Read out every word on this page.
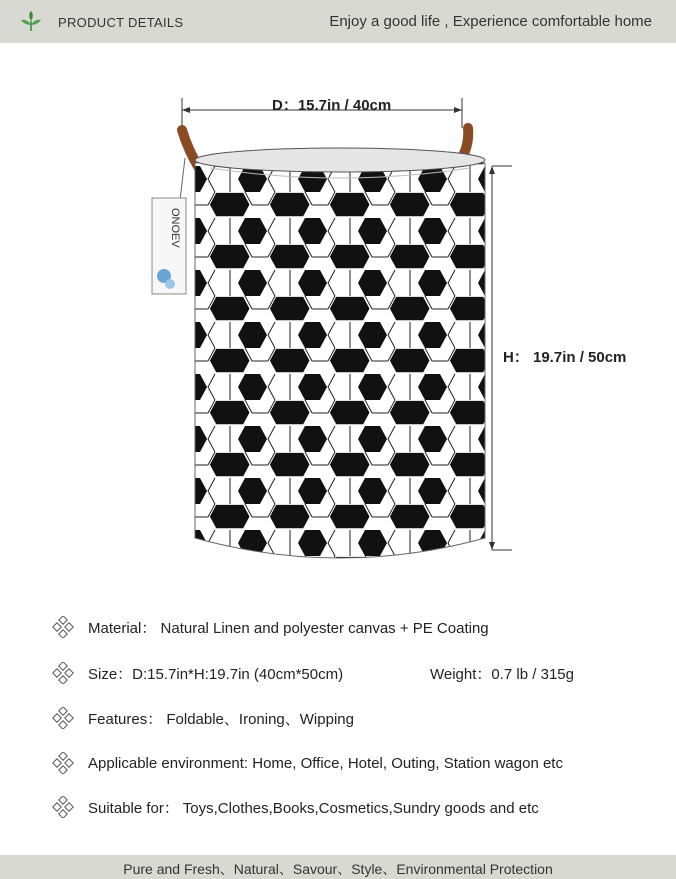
PRODUCT DETAILS	Enjoy a good life , Experience comfortable home
ONOEV
D：15.7in / 40cm
H： 19.7in / 50cm
Material： Natural Linen and polyester canvas + PE Coating
Size：D:15.7in*H:19.7in (40cm*50cm)	Weight：0.7 lb / 315g
Features： Foldable、Ironing、Wipping
Applicable environment: Home, Office, Hotel, Outing, Station wagon etc
Suitable for： Toys,Clothes,Books,Cosmetics,Sundry goods and etc
Pure and Fresh、Natural、Savour、Style、Environmental Protection
